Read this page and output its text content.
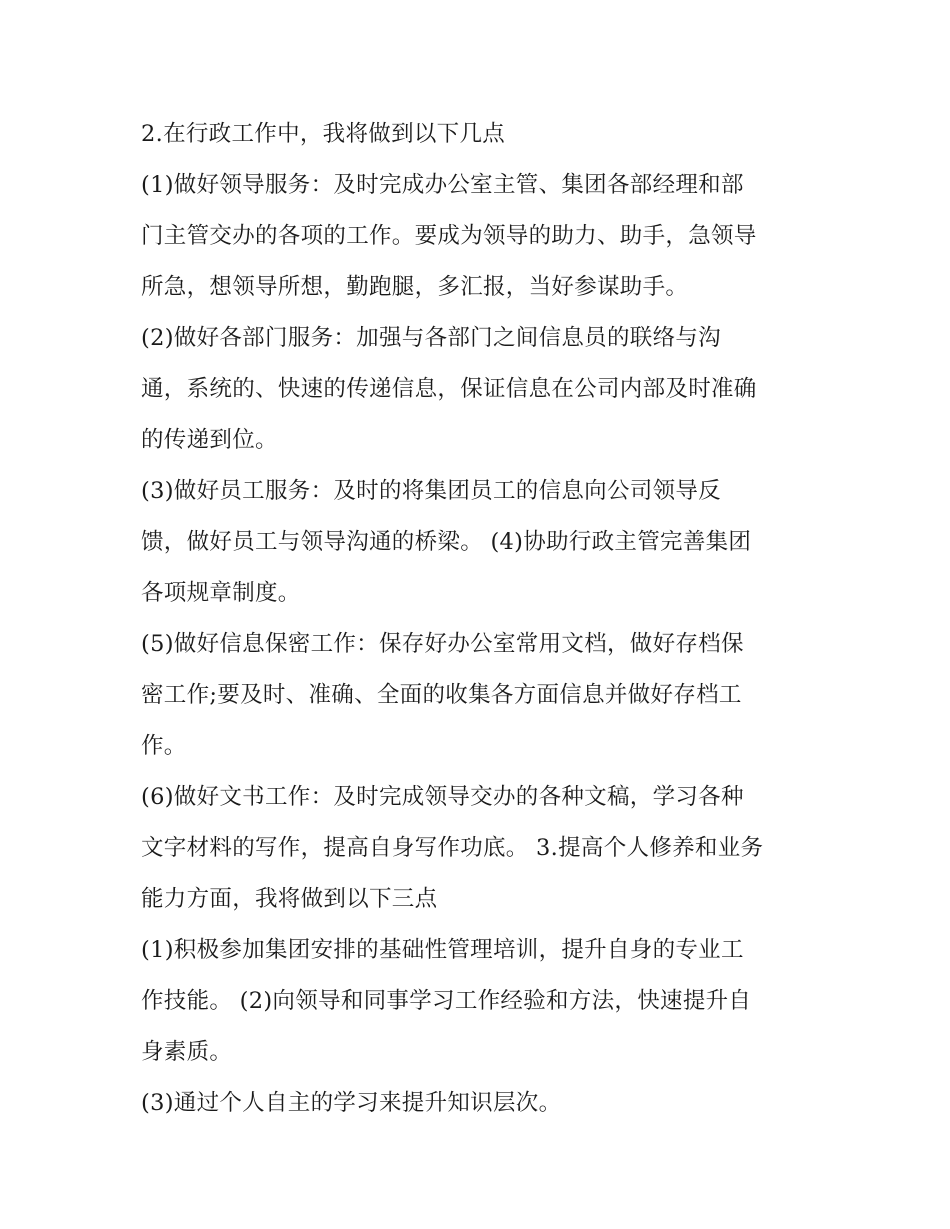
2.在行政工作中，我将做到以下几点
(1)做好领导服务：及时完成办公室主管、集团各部经理和部
门主管交办的各项的工作。要成为领导的助力、助手，急领导
所急，想领导所想，勤跑腿，多汇报，当好参谋助手。
(2)做好各部门服务：加强与各部门之间信息员的联络与沟
通，系统的、快速的传递信息，保证信息在公司内部及时准确
的传递到位。
(3)做好员工服务：及时的将集团员工的信息向公司领导反
馈，做好员工与领导沟通的桥梁。 (4)协助行政主管完善集团
各项规章制度。
(5)做好信息保密工作：保存好办公室常用文档，做好存档保
密工作;要及时、准确、全面的收集各方面信息并做好存档工
作。
(6)做好文书工作：及时完成领导交办的各种文稿，学习各种
文字材料的写作，提高自身写作功底。 3.提高个人修养和业务
能力方面，我将做到以下三点
(1)积极参加集团安排的基础性管理培训，提升自身的专业工
作技能。 (2)向领导和同事学习工作经验和方法，快速提升自
身素质。
(3)通过个人自主的学习来提升知识层次。
